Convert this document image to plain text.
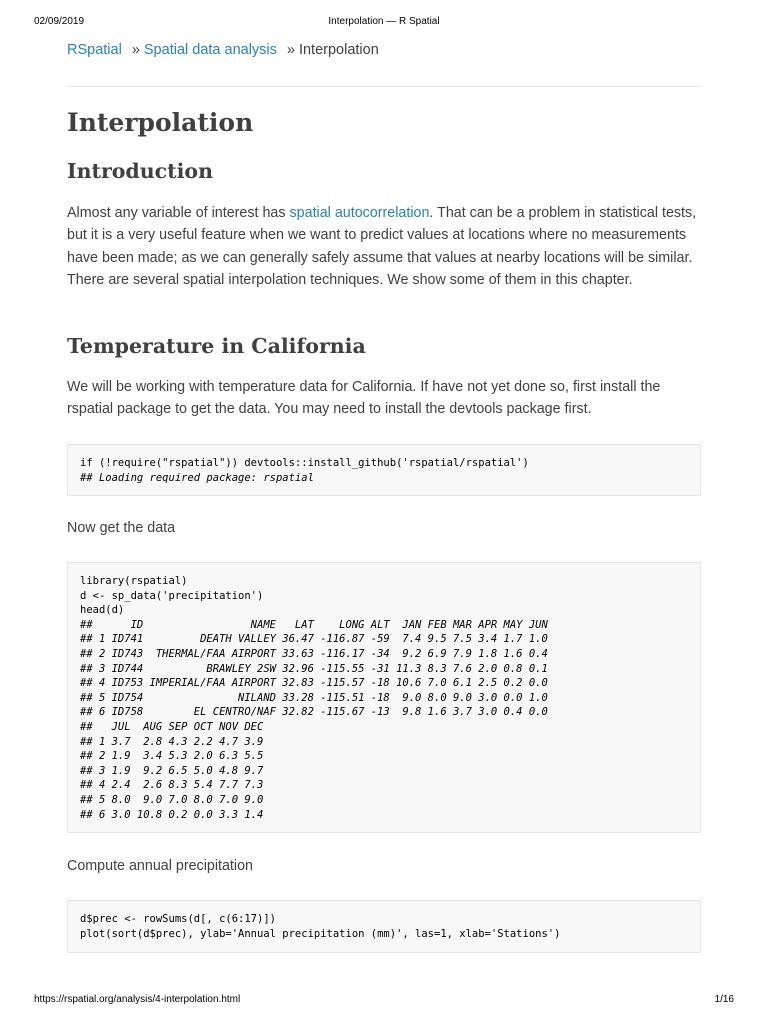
02/09/2019	Interpolation — R Spatial
RSpatial » Spatial data analysis » Interpolation
Interpolation
Introduction

Almost any variable of interest has spatial autocorrelation. That can be a problem in statistical tests, but it is a very useful feature when we want to predict values at locations where no measurements have been made; as we can generally safely assume that values at nearby locations will be similar. There are several spatial interpolation techniques. We show some of them in this chapter.

Temperature in California

We will be working with temperature data for California. If have not yet done so, first install the rspatial package to get the data. You may need to install the devtools package first.

if (!require("rspatial")) devtools::install_github('rspatial/rspatial')
## Loading required package: rspatial

Now get the data

library(rspatial)
d <- sp_data('precipitation')
head(d)
##      ID                 NAME   LAT    LONG ALT  JAN FEB MAR APR MAY JUN
## 1 ID741         DEATH VALLEY 36.47 -116.87 -59  7.4 9.5 7.5 3.4 1.7 1.0
## 2 ID743  THERMAL/FAA AIRPORT 33.63 -116.17 -34  9.2 6.9 7.9 1.8 1.6 0.4
## 3 ID744          BRAWLEY 2SW 32.96 -115.55 -31 11.3 8.3 7.6 2.0 0.8 0.1
## 4 ID753 IMPERIAL/FAA AIRPORT 32.83 -115.57 -18 10.6 7.0 6.1 2.5 0.2 0.0
## 5 ID754               NILAND 33.28 -115.51 -18  9.0 8.0 9.0 3.0 0.0 1.0
## 6 ID758        EL CENTRO/NAF 32.82 -115.67 -13  9.8 1.6 3.7 3.0 0.4 0.0
##   JUL  AUG SEP OCT NOV DEC
## 1 3.7  2.8 4.3 2.2 4.7 3.9
## 2 1.9  3.4 5.3 2.0 6.3 5.5
## 3 1.9  9.2 6.5 5.0 4.8 9.7
## 4 2.4  2.6 8.3 5.4 7.7 7.3
## 5 8.0  9.0 7.0 8.0 7.0 9.0
## 6 3.0 10.8 0.2 0.0 3.3 1.4

Compute annual precipitation

d$prec <- rowSums(d[, c(6:17)])
plot(sort(d$prec), ylab='Annual precipitation (mm)', las=1, xlab='Stations')
https://rspatial.org/analysis/4-interpolation.html	1/16
